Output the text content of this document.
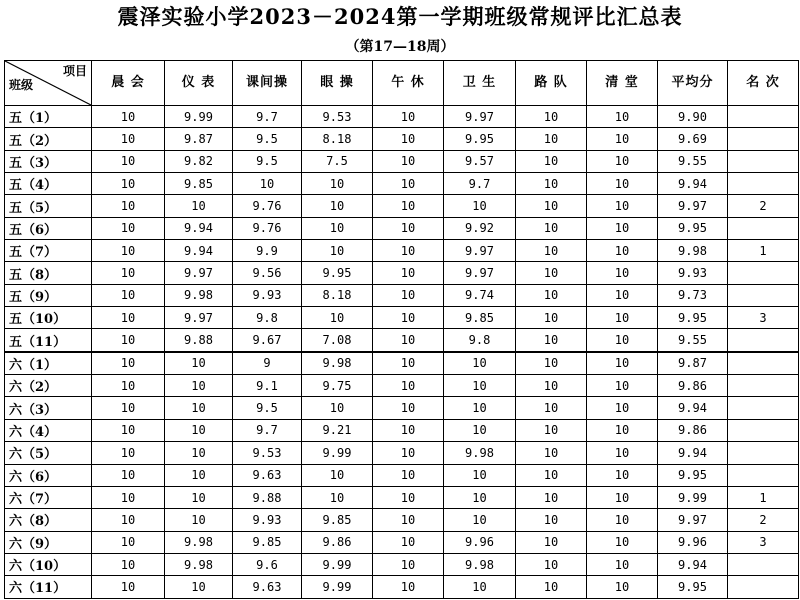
震泽实验小学2023－2024第一学期班级常规评比汇总表
（第17—18周）
项目
班级	晨 会	仪 表	课间操	眼 操	午 休	卫 生	路 队	清 堂	平均分	名 次
五（1）	10	9.99	9.7	9.53	10	9.97	10	10	9.90	
五（2）	10	9.87	9.5	8.18	10	9.95	10	10	9.69	
五（3）	10	9.82	9.5	7.5	10	9.57	10	10	9.55	
五（4）	10	9.85	10	10	10	9.7	10	10	9.94	
五（5）	10	10	9.76	10	10	10	10	10	9.97	2
五（6）	10	9.94	9.76	10	10	9.92	10	10	9.95	
五（7）	10	9.94	9.9	10	10	9.97	10	10	9.98	1
五（8）	10	9.97	9.56	9.95	10	9.97	10	10	9.93	
五（9）	10	9.98	9.93	8.18	10	9.74	10	10	9.73	
五（10）	10	9.97	9.8	10	10	9.85	10	10	9.95	3
五（11）	10	9.88	9.67	7.08	10	9.8	10	10	9.55	
六（1）	10	10	9	9.98	10	10	10	10	9.87	
六（2）	10	10	9.1	9.75	10	10	10	10	9.86	
六（3）	10	10	9.5	10	10	10	10	10	9.94	
六（4）	10	10	9.7	9.21	10	10	10	10	9.86	
六（5）	10	10	9.53	9.99	10	9.98	10	10	9.94	
六（6）	10	10	9.63	10	10	10	10	10	9.95	
六（7）	10	10	9.88	10	10	10	10	10	9.99	1
六（8）	10	10	9.93	9.85	10	10	10	10	9.97	2
六（9）	10	9.98	9.85	9.86	10	9.96	10	10	9.96	3
六（10）	10	9.98	9.6	9.99	10	9.98	10	10	9.94	
六（11）	10	10	9.63	9.99	10	10	10	10	9.95	
